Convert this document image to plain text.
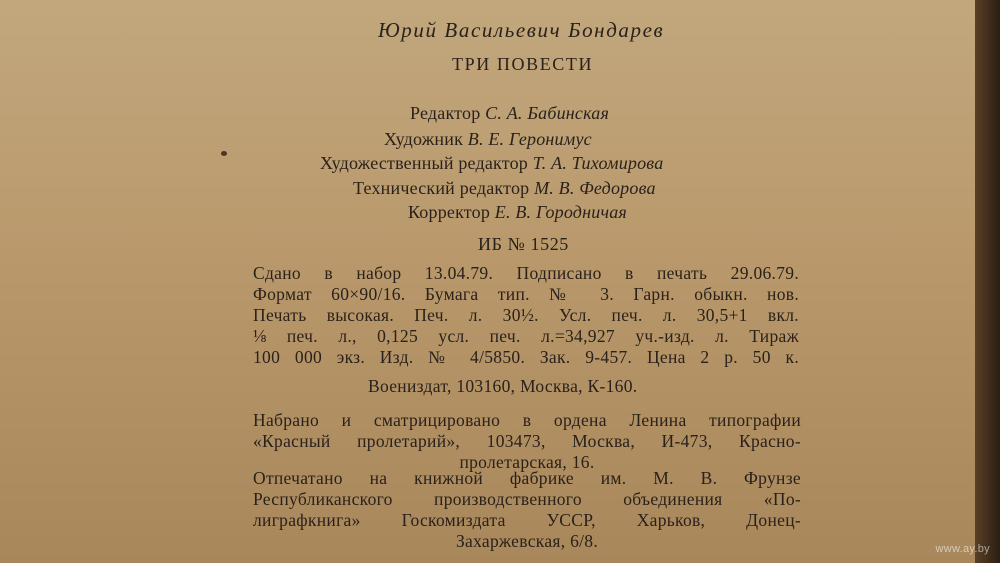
Юрий Васильевич Бондарев
ТРИ ПОВЕСТИ
Редактор С. А. Бабинская
Художник В. Е. Геронимус
Художественный редактор Т. А. Тихомирова
Технический редактор М. В. Федорова
Корректор Е. В. Городничая
ИБ № 1525
Сдано в набор 13.04.79. Подписано в печать 29.06.79.
Формат 60×90/16. Бумага тип. № 3. Гарн. обыкн. нов.
Печать высокая. Печ. л. 30½. Усл. печ. л. 30,5+1 вкл.
⅛ печ. л., 0,125 усл. печ. л.=34,927 уч.-изд. л. Тираж
100 000 экз. Изд. № 4/5850. Зак. 9-457. Цена 2 р. 50 к.
Воениздат, 103160, Москва, К-160.
Набрано и сматрицировано в ордена Ленина типографии
«Красный пролетарий», 103473, Москва, И-473, Красно-
пролетарская, 16.
Отпечатано на книжной фабрике им. М. В. Фрунзе
Республиканского производственного объединения «По-
лиграфкнига» Госкомиздата УССР, Харьков, Донец-
Захаржевская, 6/8.	www.ay.by
